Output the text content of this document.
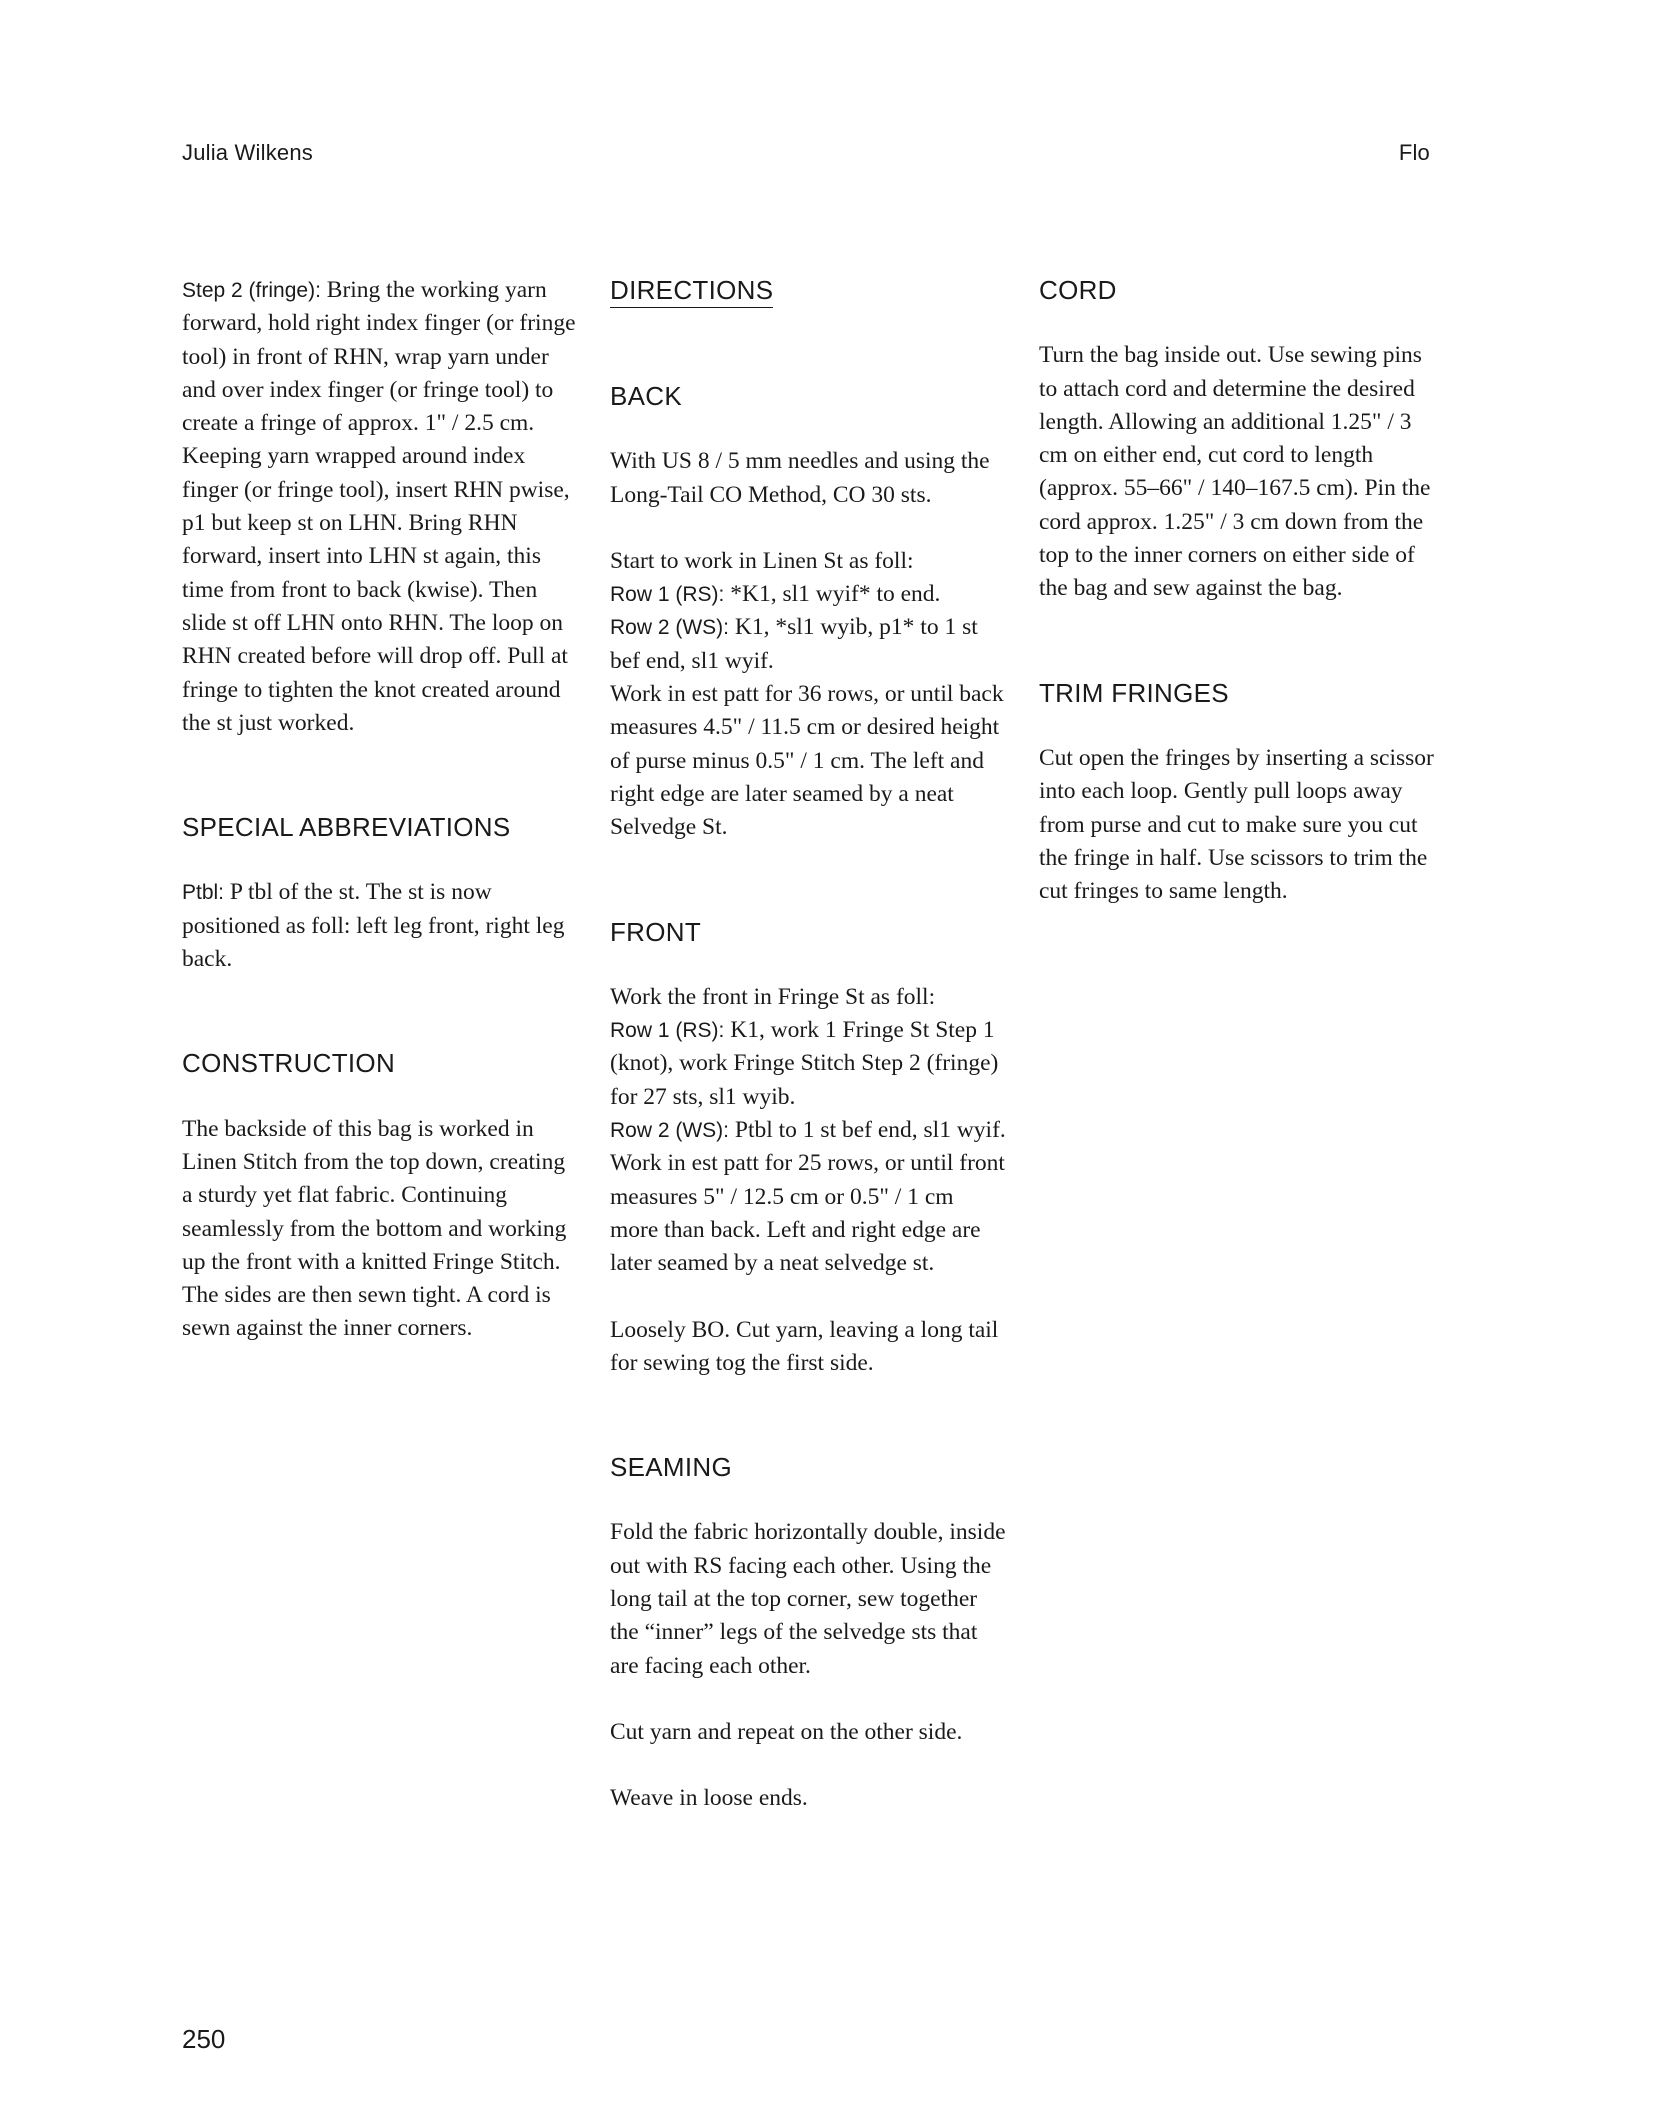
Julia Wilkens	Flo

Step 2 (fringe): Bring the working yarn forward, hold right index finger (or fringe tool) in front of RHN, wrap yarn under and over index finger (or fringe tool) to create a fringe of approx. 1" / 2.5 cm. Keeping yarn wrapped around index finger (or fringe tool), insert RHN pwise, p1 but keep st on LHN. Bring RHN forward, insert into LHN st again, this time from front to back (kwise). Then slide st off LHN onto RHN. The loop on RHN created before will drop off. Pull at fringe to tighten the knot created around the st just worked.

SPECIAL ABBREVIATIONS

Ptbl: P tbl of the st. The st is now positioned as foll: left leg front, right leg back.

CONSTRUCTION

The backside of this bag is worked in Linen Stitch from the top down, creating a sturdy yet flat fabric. Continuing seamlessly from the bottom and working up the front with a knitted Fringe Stitch. The sides are then sewn tight. A cord is sewn against the inner corners.

DIRECTIONS
BACK

With US 8 / 5 mm needles and using the Long-Tail CO Method, CO 30 sts.

Start to work in Linen St as foll:
Row 1 (RS): *K1, sl1 wyif* to end.
Row 2 (WS): K1, *sl1 wyib, p1* to 1 st bef end, sl1 wyif.
Work in est patt for 36 rows, or until back measures 4.5" / 11.5 cm or desired height of purse minus 0.5" / 1 cm. The left and right edge are later seamed by a neat Selvedge St.

FRONT

Work the front in Fringe St as foll:
Row 1 (RS): K1, work 1 Fringe St Step 1 (knot), work Fringe Stitch Step 2 (fringe) for 27 sts, sl1 wyib.
Row 2 (WS): Ptbl to 1 st bef end, sl1 wyif.
Work in est patt for 25 rows, or until front measures 5" / 12.5 cm or 0.5" / 1 cm more than back. Left and right edge are later seamed by a neat selvedge st.

Loosely BO. Cut yarn, leaving a long tail for sewing tog the first side.

SEAMING

Fold the fabric horizontally double, inside out with RS facing each other. Using the long tail at the top corner, sew together the “inner” legs of the selvedge sts that are facing each other.

Cut yarn and repeat on the other side.

Weave in loose ends.

CORD

Turn the bag inside out. Use sewing pins to attach cord and determine the desired length. Allowing an additional 1.25" / 3 cm on either end, cut cord to length (approx. 55–66" / 140–167.5 cm). Pin the cord approx. 1.25" / 3 cm down from the top to the inner corners on either side of the bag and sew against the bag.

TRIM FRINGES

Cut open the fringes by inserting a scissor into each loop. Gently pull loops away from purse and cut to make sure you cut the fringe in half. Use scissors to trim the cut fringes to same length.

250
